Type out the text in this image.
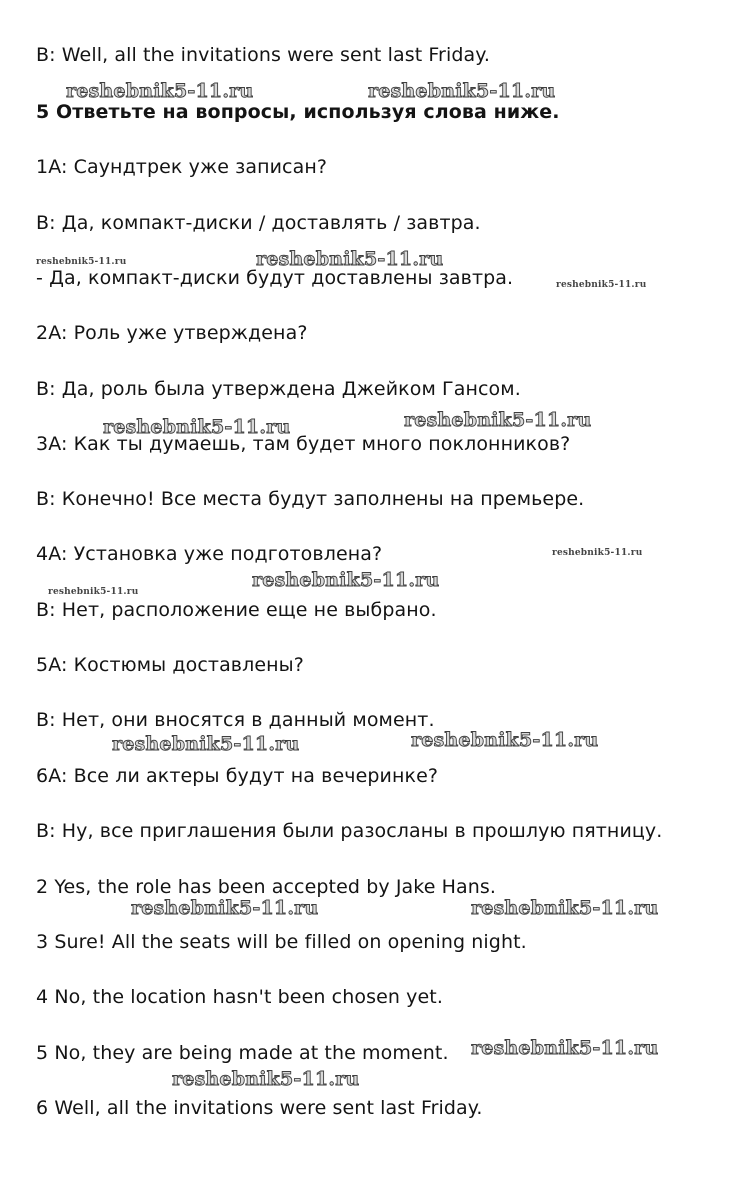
B: Well, all the invitations were sent last Friday.
5 Ответьте на вопросы, используя слова ниже.
1A: Саундтрек уже записан?
B: Да, компакт-диски / доставлять / завтра.
- Да, компакт-диски будут доставлены завтра.
2A: Роль уже утверждена?
B: Да, роль была утверждена Джейком Гансом.
3A: Как ты думаешь, там будет много поклонников?
B: Конечно! Все места будут заполнены на премьере.
4A: Установка уже подготовлена?
B: Нет, расположение еще не выбрано.
5A: Костюмы доставлены?
B: Нет, они вносятся в данный момент.
6A: Все ли актеры будут на вечеринке?
B: Ну, все приглашения были разосланы в прошлую пятницу.
2 Yes, the role has been accepted by Jake Hans.
3 Sure! All the seats will be filled on opening night.
4 No, the location hasn't been chosen yet.
5 No, they are being made at the moment.
6 Well, all the invitations were sent last Friday.
reshebnik5-11.ru	reshebnik5-11.ru
reshebnik5-11.ru	reshebnik5-11.ru
reshebnik5-11.ru
reshebnik5-11.ru	reshebnik5-11.ru
reshebnik5-11.ru
reshebnik5-11.ru
reshebnik5-11.ru
reshebnik5-11.ru	reshebnik5-11.ru
reshebnik5-11.ru	reshebnik5-11.ru
reshebnik5-11.ru
reshebnik5-11.ru
